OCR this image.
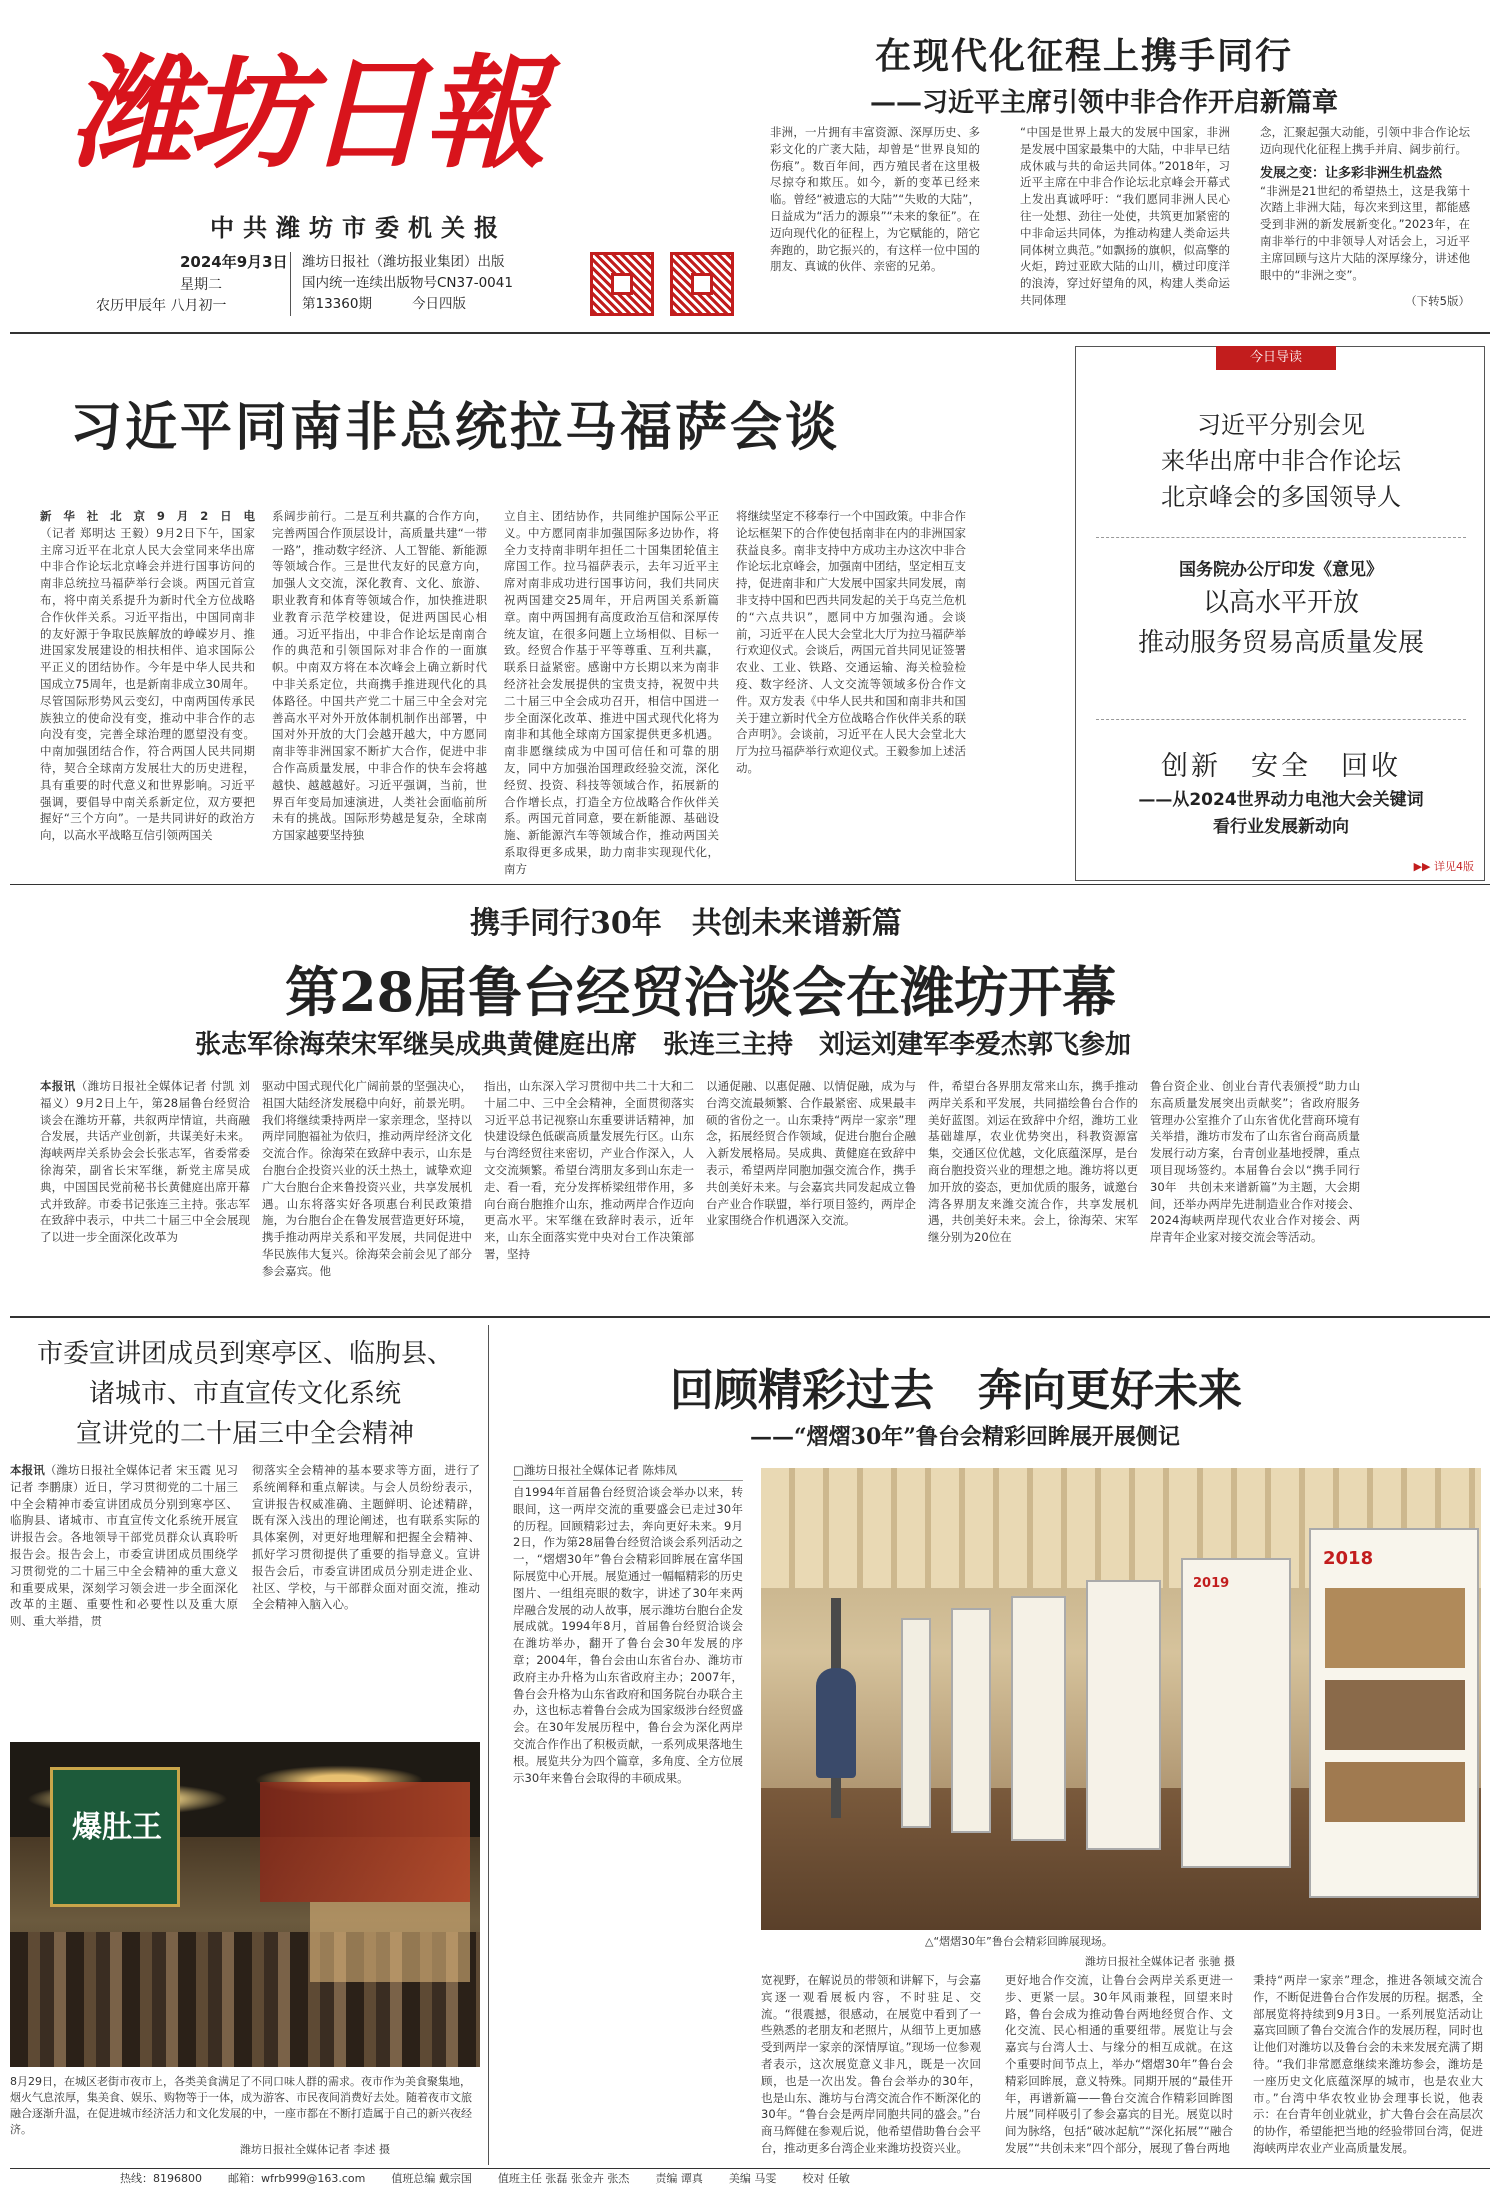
潍坊日報
中共潍坊市委机关报
2024年9月3日
星期二
农历甲辰年 八月初一
潍坊日报社（潍坊报业集团）出版
国内统一连续出版物号CN37-0041
第13360期	今日四版
在现代化征程上携手同行
——习近平主席引领中非合作开启新篇章
非洲，一片拥有丰富资源、深厚历史、多彩文化的广袤大陆，却曾是“世界良知的伤痕”。数百年间，西方殖民者在这里极尽掠夺和欺压。如今，新的变革已经来临。曾经“被遗忘的大陆”“失败的大陆”，日益成为“活力的源泉”“未来的象征”。在迈向现代化的征程上，为它赋能的，陪它奔跑的，助它振兴的，有这样一位中国的朋友、真诚的伙伴、亲密的兄弟。
“中国是世界上最大的发展中国家，非洲是发展中国家最集中的大陆，中非早已结成休戚与共的命运共同体。”2018年，习近平主席在中非合作论坛北京峰会开幕式上发出真诚呼吁：“我们愿同非洲人民心往一处想、劲往一处使，共筑更加紧密的中非命运共同体，为推动构建人类命运共同体树立典范。”如飘扬的旗帜，似高擎的火炬，跨过亚欧大陆的山川，横过印度洋的浪涛，穿过好望角的风，构建人类命运共同体理
念，汇聚起强大动能，引领中非合作论坛迈向现代化征程上携手并肩、阔步前行。
发展之变：让多彩非洲生机盎然
“非洲是21世纪的希望热土，这是我第十次踏上非洲大陆，每次来到这里，都能感受到非洲的新发展新变化。”2023年，在南非举行的中非领导人对话会上，习近平主席回顾与这片大陆的深厚缘分，讲述他眼中的“非洲之变”。
（下转5版）
习近平同南非总统拉马福萨会谈
新华社北京9月2日电（记者 郑明达 王毅）9月2日下午，国家主席习近平在北京人民大会堂同来华出席中非合作论坛北京峰会并进行国事访问的南非总统拉马福萨举行会谈。两国元首宣布，将中南关系提升为新时代全方位战略合作伙伴关系。习近平指出，中国同南非的友好源于争取民族解放的峥嵘岁月、推进国家发展建设的相扶相伴、追求国际公平正义的团结协作。今年是中华人民共和国成立75周年，也是新南非成立30周年。尽管国际形势风云变幻，中南两国传承民族独立的使命没有变，推动中非合作的志向没有变，完善全球治理的愿望没有变。中南加强团结合作，符合两国人民共同期待，契合全球南方发展壮大的历史进程，具有重要的时代意义和世界影响。习近平强调，要倡导中南关系新定位，双方要把握好“三个方向”。一是共同讲好的政治方向，以高水平战略互信引领两国关
系阔步前行。二是互利共赢的合作方向，完善两国合作顶层设计，高质量共建“一带一路”，推动数字经济、人工智能、新能源等领域合作。三是世代友好的民意方向，加强人文交流，深化教育、文化、旅游、职业教育和体育等领域合作，加快推进职业教育示范学校建设，促进两国民心相通。习近平指出，中非合作论坛是南南合作的典范和引领国际对非合作的一面旗帜。中南双方将在本次峰会上确立新时代中非关系定位，共商携手推进现代化的具体路径。中国共产党二十届三中全会对完善高水平对外开放体制机制作出部署，中国对外开放的大门会越开越大，中方愿同南非等非洲国家不断扩大合作，促进中非合作高质量发展，中非合作的快车会将越越快、越越越好。习近平强调，当前，世界百年变局加速演进，人类社会面临前所未有的挑战。国际形势越是复杂，全球南方国家越要坚持独
立自主、团结协作，共同维护国际公平正义。中方愿同南非加强国际多边协作，将全力支持南非明年担任二十国集团轮值主席国工作。拉马福萨表示，去年习近平主席对南非成功进行国事访问，我们共同庆祝两国建交25周年，开启两国关系新篇章。南中两国拥有高度政治互信和深厚传统友谊，在很多问题上立场相似、目标一致。经贸合作基于平等尊重、互利共赢，联系日益紧密。感谢中方长期以来为南非经济社会发展提供的宝贵支持，祝贺中共二十届三中全会成功召开，相信中国进一步全面深化改革、推进中国式现代化将为南非和其他全球南方国家提供更多机遇。南非愿继续成为中国可信任和可靠的朋友，同中方加强治国理政经验交流，深化经贸、投资、科技等领域合作，拓展新的合作增长点，打造全方位战略合作伙伴关系。两国元首同意，要在新能源、基础设施、新能源汽车等领域合作，推动两国关系取得更多成果，助力南非实现现代化，南方
将继续坚定不移奉行一个中国政策。中非合作论坛框架下的合作使包括南非在内的非洲国家获益良多。南非支持中方成功主办这次中非合作论坛北京峰会，加强南中团结，坚定相互支持，促进南非和广大发展中国家共同发展，南非支持中国和巴西共同发起的关于乌克兰危机的“六点共识”，愿同中方加强沟通。会谈前，习近平在人民大会堂北大厅为拉马福萨举行欢迎仪式。会谈后，两国元首共同见证签署农业、工业、铁路、交通运输、海关检验检疫、数字经济、人文交流等领域多份合作文件。双方发表《中华人民共和国和南非共和国关于建立新时代全方位战略合作伙伴关系的联合声明》。会谈前，习近平在人民大会堂北大厅为拉马福萨举行欢迎仪式。王毅参加上述活动。
今日导读
习近平分别会见
来华出席中非合作论坛
北京峰会的多国领导人
国务院办公厅印发《意见》
以高水平开放
推动服务贸易高质量发展
创新　安全　回收
——从2024世界动力电池大会关键词
看行业发展新动向
▶▶ 详见4版
携手同行30年　共创未来谱新篇
第28届鲁台经贸洽谈会在潍坊开幕
张志军徐海荣宋军继吴成典黄健庭出席　张连三主持　刘运刘建军李爱杰郭飞参加
本报讯（潍坊日报社全媒体记者 付凯 刘福义）9月2日上午，第28届鲁台经贸洽谈会在潍坊开幕，共叙两岸情谊，共商融合发展，共话产业创新，共谋美好未来。海峡两岸关系协会会长张志军，省委常委徐海荣，副省长宋军继，新党主席吴成典，中国国民党前秘书长黄健庭出席开幕式并致辞。市委书记张连三主持。张志军在致辞中表示，中共二十届三中全会展现了以进一步全面深化改革为
驱动中国式现代化广阔前景的坚强决心，祖国大陆经济发展稳中向好，前景光明。我们将继续秉持两岸一家亲理念，坚持以两岸同胞福祉为依归，推动两岸经济文化交流合作。徐海荣在致辞中表示，山东是台胞台企投资兴业的沃土热土，诚挚欢迎广大台胞台企来鲁投资兴业，共享发展机遇。山东将落实好各项惠台利民政策措施，为台胞台企在鲁发展营造更好环境，携手推动两岸关系和平发展，共同促进中华民族伟大复兴。徐海荣会前会见了部分参会嘉宾。他
指出，山东深入学习贯彻中共二十大和二十届二中、三中全会精神，全面贯彻落实习近平总书记视察山东重要讲话精神，加快建设绿色低碳高质量发展先行区。山东与台湾经贸往来密切，产业合作深入，人文交流频繁。希望台湾朋友多到山东走一走、看一看，充分发挥桥梁纽带作用，多向台商台胞推介山东，推动两岸合作迈向更高水平。宋军继在致辞时表示，近年来，山东全面落实党中央对台工作决策部署，坚持
以通促融、以惠促融、以情促融，成为与台湾交流最频繁、合作最紧密、成果最丰硕的省份之一。山东秉持“两岸一家亲”理念，拓展经贸合作领域，促进台胞台企融入新发展格局。吴成典、黄健庭在致辞中表示，希望两岸同胞加强交流合作，携手共创美好未来。与会嘉宾共同发起成立鲁台产业合作联盟，举行项目签约，两岸企业家围绕合作机遇深入交流。
件，希望台各界朋友常来山东，携手推动两岸关系和平发展，共同描绘鲁台合作的美好蓝图。刘运在致辞中介绍，潍坊工业基础雄厚，农业优势突出，科教资源富集，交通区位优越，文化底蕴深厚，是台商台胞投资兴业的理想之地。潍坊将以更加开放的姿态，更加优质的服务，诚邀台湾各界朋友来潍交流合作，共享发展机遇，共创美好未来。会上，徐海荣、宋军继分别为20位在
鲁台资企业、创业台青代表颁授“助力山东高质量发展突出贡献奖”；省政府服务管理办公室推介了山东省优化营商环境有关举措，潍坊市发布了山东省台商高质量发展行动方案，台青创业基地授牌，重点项目现场签约。本届鲁台会以“携手同行30年　共创未来谱新篇”为主题，大会期间，还举办两岸先进制造业合作对接会、2024海峡两岸现代农业合作对接会、两岸青年企业家对接交流会等活动。
市委宣讲团成员到寒亭区、临朐县、
诸城市、市直宣传文化系统
宣讲党的二十届三中全会精神
本报讯（潍坊日报社全媒体记者 宋玉霞 见习记者 李鹏康）近日，学习贯彻党的二十届三中全会精神市委宣讲团成员分别到寒亭区、临朐县、诸城市、市直宣传文化系统开展宣讲报告会。各地领导干部党员群众认真聆听报告会。报告会上，市委宣讲团成员围绕学习贯彻党的二十届三中全会精神的重大意义和重要成果，深刻学习领会进一步全面深化改革的主题、重要性和必要性以及重大原则、重大举措，贯
彻落实全会精神的基本要求等方面，进行了系统阐释和重点解读。与会人员纷纷表示，宣讲报告权威准确、主题鲜明、论述精辟，既有深入浅出的理论阐述，也有联系实际的具体案例，对更好地理解和把握全会精神、抓好学习贯彻提供了重要的指导意义。宣讲报告会后，市委宣讲团成员分别走进企业、社区、学校，与干部群众面对面交流，推动全会精神入脑入心。
爆肚王
8月29日，在城区老街市夜市上，各类美食满足了不同口味人群的需求。夜市作为美食聚集地，烟火气息浓厚，集美食、娱乐、购物等于一体，成为游客、市民夜间消费好去处。随着夜市文旅融合逐渐升温，在促进城市经济活力和文化发展的中，一座市都在不断打造属于自己的新兴夜经济。
潍坊日报社全媒体记者 李述 摄
回顾精彩过去　奔向更好未来
——“熠熠30年”鲁台会精彩回眸展开展侧记
□潍坊日报社全媒体记者 陈炜凤
自1994年首届鲁台经贸洽谈会举办以来，转眼间，这一两岸交流的重要盛会已走过30年的历程。回顾精彩过去，奔向更好未来。9月2日，作为第28届鲁台经贸洽谈会系列活动之一，“熠熠30年”鲁台会精彩回眸展在富华国际展览中心开展。展览通过一幅幅精彩的历史图片、一组组亮眼的数字，讲述了30年来两岸融合发展的动人故事，展示潍坊台胞台企发展成就。1994年8月，首届鲁台经贸洽谈会在潍坊举办，翻开了鲁台会30年发展的序章；2004年，鲁台会由山东省台办、潍坊市政府主办升格为山东省政府主办；2007年，鲁台会升格为山东省政府和国务院台办联合主办，这也标志着鲁台会成为国家级涉台经贸盛会。在30年发展历程中，鲁台会为深化两岸交流合作作出了积极贡献，一系列成果落地生根。展览共分为四个篇章，多角度、全方位展示30年来鲁台会取得的丰硕成果。
2018
2019
△“熠熠30年”鲁台会精彩回眸展现场。
潍坊日报社全媒体记者 张驰 摄
宽视野，在解说员的带领和讲解下，与会嘉宾逐一观看展板内容，不时驻足、交流。“很震撼，很感动，在展览中看到了一些熟悉的老朋友和老照片，从细节上更加感受到两岸一家亲的深情厚谊。”现场一位参观者表示，这次展览意义非凡，既是一次回顾，也是一次出发。鲁台会举办的30年，也是山东、潍坊与台湾交流合作不断深化的30年。“鲁台会是两岸同胞共同的盛会。”台商马辉健在参观后说，他希望借助鲁台会平台，推动更多台湾企业来潍坊投资兴业。
更好地合作交流，让鲁台会两岸关系更进一步、更紧一层。30年风雨兼程，回望来时路，鲁台会成为推动鲁台两地经贸合作、文化交流、民心相通的重要纽带。展览让与会嘉宾与台湾人士、与缘分的相互成就。在这个重要时间节点上，举办“熠熠30年”鲁台会精彩回眸展，意义特殊。同期开展的“最佳开年，再谱新篇——鲁台交流合作精彩回眸图片展”同样吸引了参会嘉宾的目光。展览以时间为脉络，包括“破冰起航”“深化拓展”“融合发展”“共创未来”四个部分，展现了鲁台两地
秉持“两岸一家亲”理念，推进各领域交流合作，不断促进鲁台合作发展的历程。据悉，全部展览将持续到9月3日。一系列展览活动让嘉宾回顾了鲁台交流合作的发展历程，同时也让他们对潍坊以及鲁台会的未来发展充满了期待。“我们非常愿意继续来潍坊参会，潍坊是一座历史文化底蕴深厚的城市，也是农业大市。”台湾中华农牧业协会理事长说，他表示：在台青年创业就业，扩大鲁台会在高层次的协作，希望能把当地的经验带回台湾，促进海峡两岸农业产业高质量发展。
热线：8196800 邮箱：wfrb999@163.com 值班总编 戴宗国 值班主任 张磊 张金卉 张杰 责编 谭真 美编 马雯 校对 任敏
